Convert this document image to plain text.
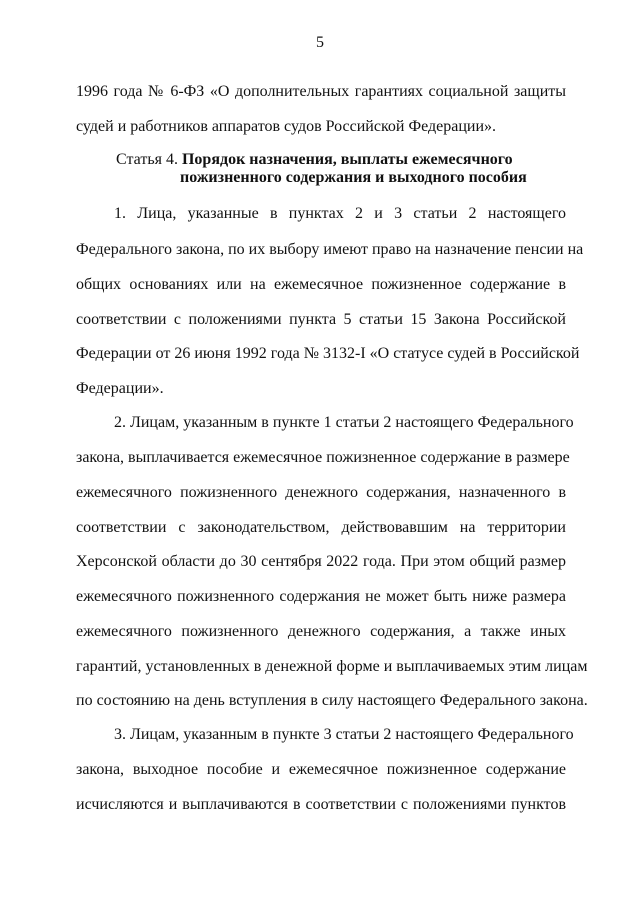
5
1996 года № 6-ФЗ «О дополнительных гарантиях социальной защиты
судей и работников аппаратов судов Российской Федерации».
Статья 4. Порядок назначения, выплаты ежемесячного
пожизненного содержания и выходного пособия
1. Лица, указанные в пунктах 2 и 3 статьи 2 настоящего
Федерального закона, по их выбору имеют право на назначение пенсии на
общих основаниях или на ежемесячное пожизненное содержание в
соответствии с положениями пункта 5 статьи 15 Закона Российской
Федерации от 26 июня 1992 года № 3132-I «О статусе судей в Российской
Федерации».
2. Лицам, указанным в пункте 1 статьи 2 настоящего Федерального
закона, выплачивается ежемесячное пожизненное содержание в размере
ежемесячного пожизненного денежного содержания, назначенного в
соответствии с законодательством, действовавшим на территории
Херсонской области до 30 сентября 2022 года. При этом общий размер
ежемесячного пожизненного содержания не может быть ниже размера
ежемесячного пожизненного денежного содержания, а также иных
гарантий, установленных в денежной форме и выплачиваемых этим лицам
по состоянию на день вступления в силу настоящего Федерального закона.
3. Лицам, указанным в пункте 3 статьи 2 настоящего Федерального
закона, выходное пособие и ежемесячное пожизненное содержание
исчисляются и выплачиваются в соответствии с положениями пунктов
